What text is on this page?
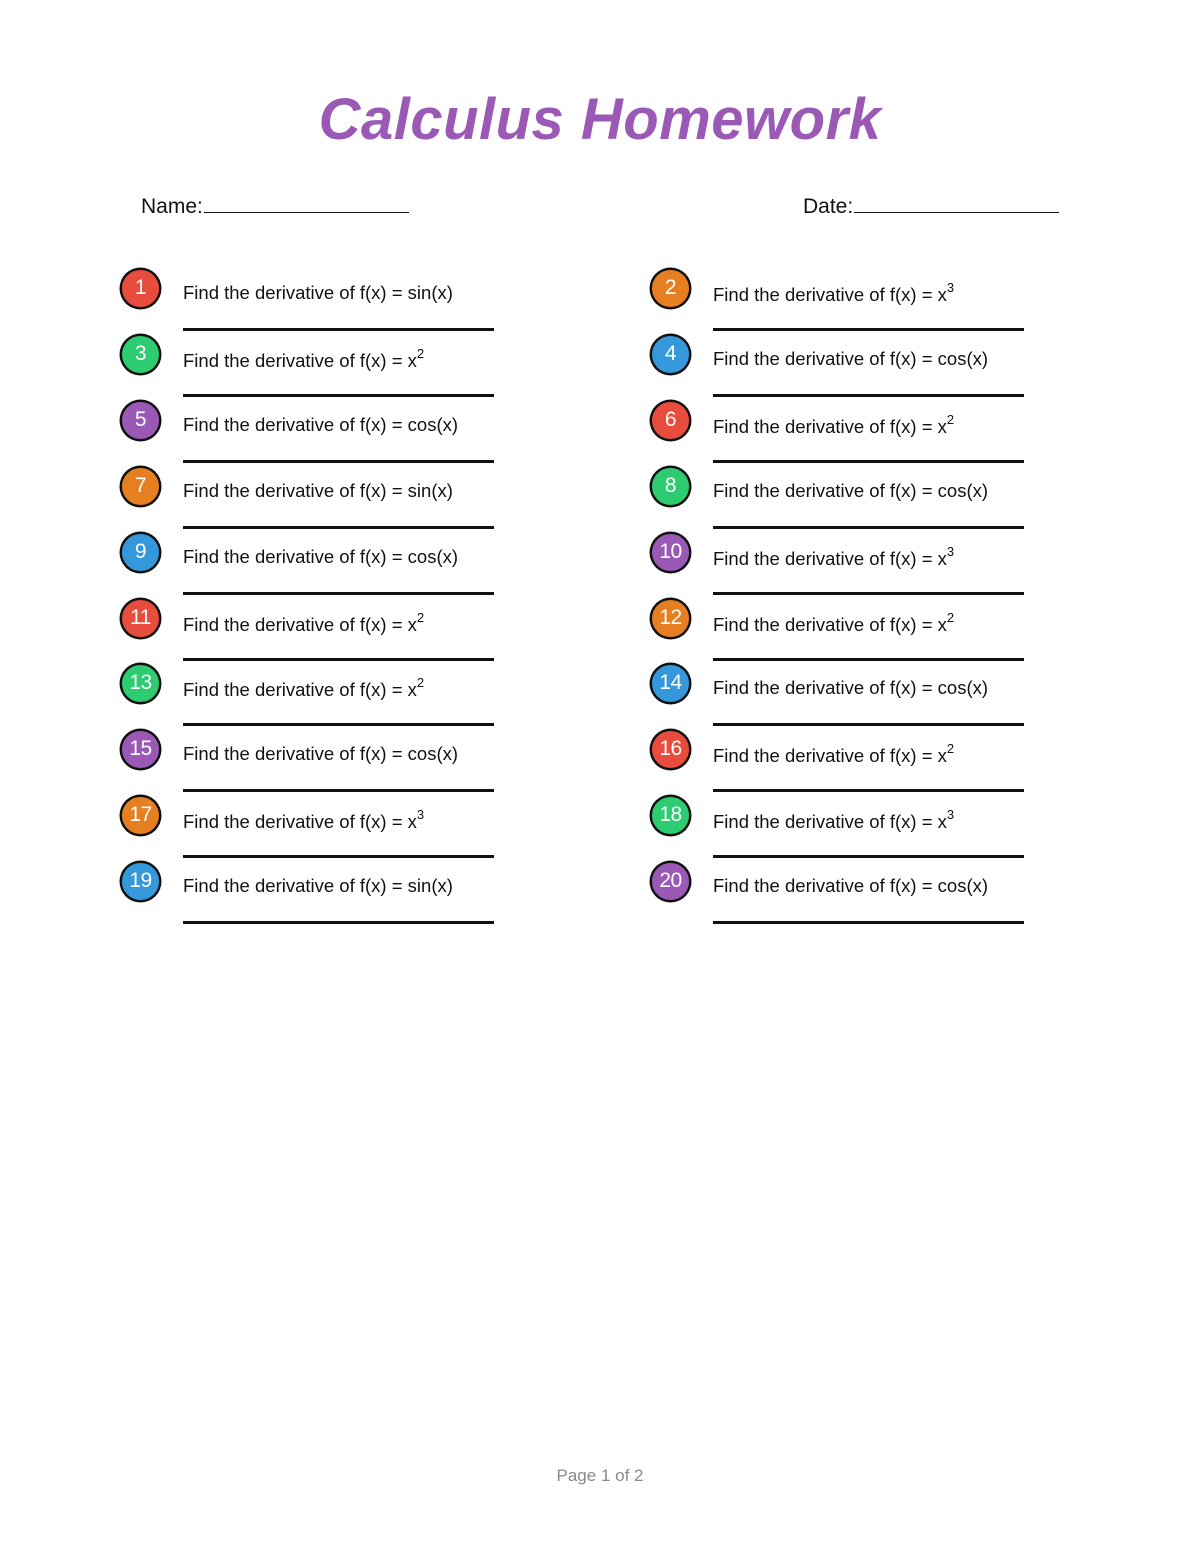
Calculus Homework
Name:	Date:
1	Find the derivative of f(x) = sin(x)	2	Find the derivative of $f(x) = x^3$
3	Find the derivative of $f(x) = x^2$	4	Find the derivative of f(x) = cos(x)
5	Find the derivative of f(x) = cos(x)	6	Find the derivative of $f(x) = x^2$
7	Find the derivative of f(x) = sin(x)	8	Find the derivative of f(x) = cos(x)
9	Find the derivative of f(x) = cos(x)	10	Find the derivative of $f(x) = x^3$
11	Find the derivative of $f(x) = x^2$	12	Find the derivative of $f(x) = x^2$
13	Find the derivative of $f(x) = x^2$	14	Find the derivative of f(x) = cos(x)
15	Find the derivative of f(x) = cos(x)	16	Find the derivative of $f(x) = x^2$
17	Find the derivative of $f(x) = x^3$	18	Find the derivative of $f(x) = x^3$
19	Find the derivative of f(x) = sin(x)	20	Find the derivative of f(x) = cos(x)
Page 1 of 2
